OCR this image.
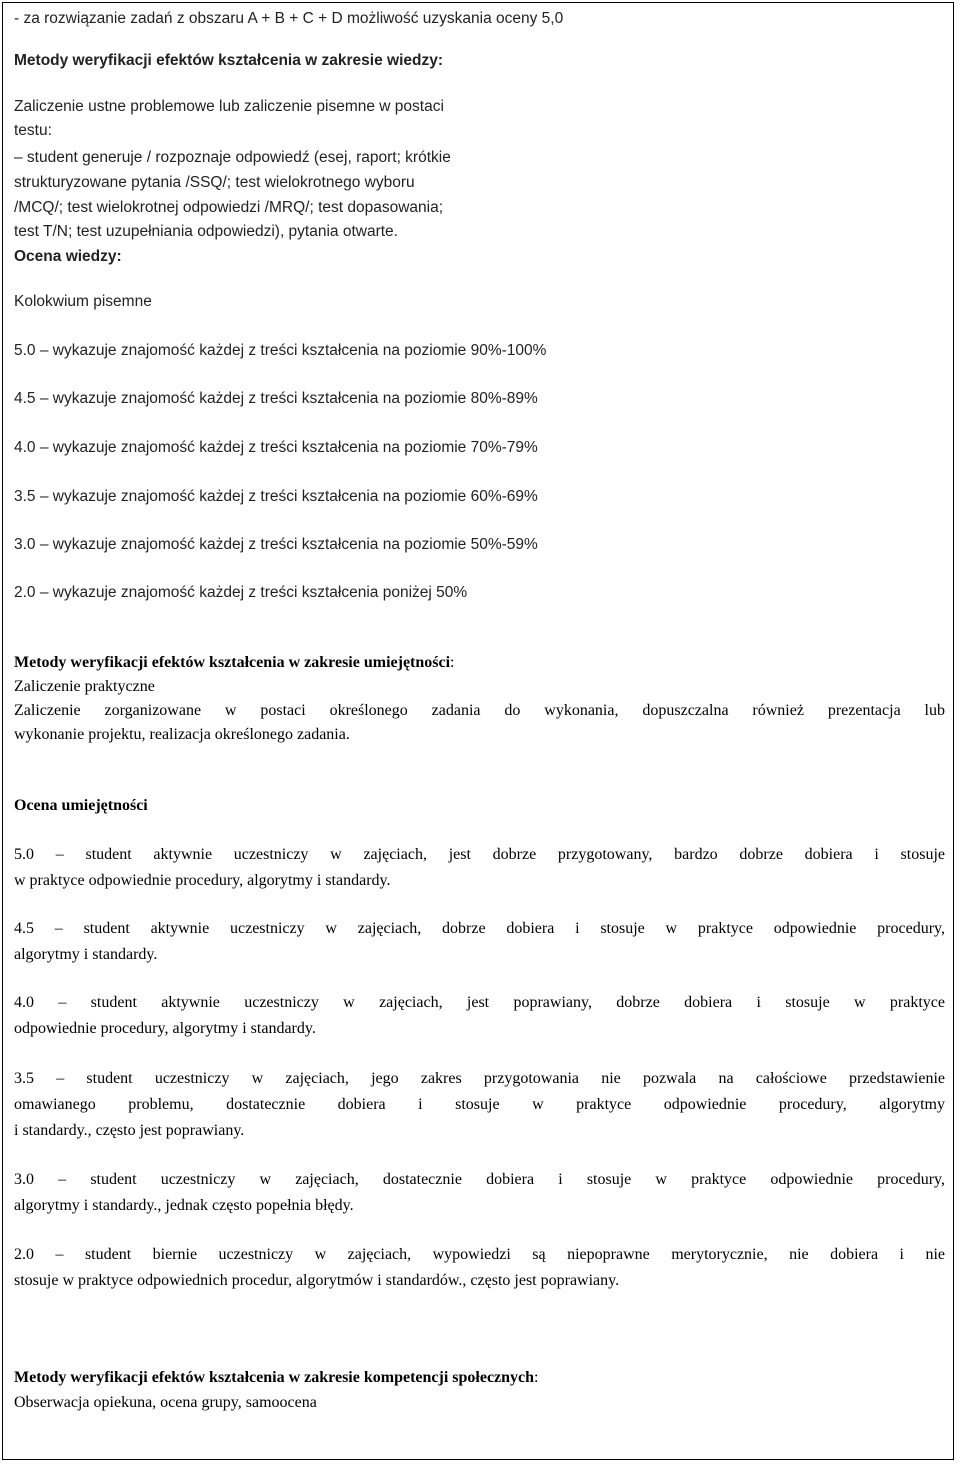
- za rozwiązanie zadań z obszaru A + B + C + D możliwość uzyskania oceny 5,0
Metody weryfikacji efektów kształcenia w zakresie wiedzy:
Zaliczenie ustne problemowe lub zaliczenie pisemne w postaci
testu:
– student generuje / rozpoznaje odpowiedź (esej, raport; krótkie
strukturyzowane pytania /SSQ/; test wielokrotnego wyboru
/MCQ/; test wielokrotnej odpowiedzi /MRQ/; test dopasowania;
test T/N; test uzupełniania odpowiedzi), pytania otwarte.
Ocena wiedzy:
Kolokwium pisemne
5.0 – wykazuje znajomość każdej z treści kształcenia na poziomie 90%-100%
4.5 – wykazuje znajomość każdej z treści kształcenia na poziomie 80%-89%
4.0 – wykazuje znajomość każdej z treści kształcenia na poziomie 70%-79%
3.5 – wykazuje znajomość każdej z treści kształcenia na poziomie 60%-69%
3.0 – wykazuje znajomość każdej z treści kształcenia na poziomie 50%-59%
2.0 – wykazuje znajomość każdej z treści kształcenia poniżej 50%
Metody weryfikacji efektów kształcenia w zakresie umiejętności:
Zaliczenie praktyczne
Zaliczenie zorganizowane w postaci określonego zadania do wykonania, dopuszczalna również prezentacja lub
wykonanie projektu, realizacja określonego zadania.
Ocena umiejętności
5.0 – student aktywnie uczestniczy w zajęciach, jest dobrze przygotowany, bardzo dobrze dobiera i stosuje
w praktyce odpowiednie procedury, algorytmy i standardy.
4.5 – student aktywnie uczestniczy w zajęciach, dobrze dobiera i stosuje w praktyce odpowiednie procedury,
algorytmy i standardy.
4.0 – student aktywnie uczestniczy w zajęciach, jest poprawiany, dobrze dobiera i stosuje w praktyce
odpowiednie procedury, algorytmy i standardy.
3.5 – student uczestniczy w zajęciach, jego zakres przygotowania nie pozwala na całościowe przedstawienie
omawianego problemu, dostatecznie dobiera i stosuje w praktyce odpowiednie procedury, algorytmy
i standardy., często jest poprawiany.
3.0 – student uczestniczy w zajęciach, dostatecznie dobiera i stosuje w praktyce odpowiednie procedury,
algorytmy i standardy., jednak często popełnia błędy.
2.0 – student biernie uczestniczy w zajęciach, wypowiedzi są niepoprawne merytorycznie, nie dobiera i nie
stosuje w praktyce odpowiednich procedur, algorytmów i standardów., często jest poprawiany.
Metody weryfikacji efektów kształcenia w zakresie kompetencji społecznych:
Obserwacja opiekuna, ocena grupy, samoocena
